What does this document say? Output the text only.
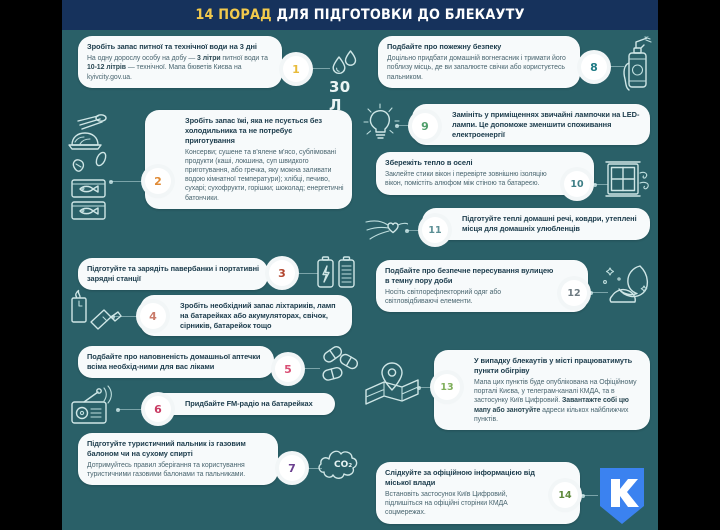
14 ПОРАД ДЛЯ ПІДГОТОВКИ ДО БЛЕКАУТУ
Зробіть запас питної та технічної води на 3 дні
На одну дорослу особу на добу — 3 літри питної води та 10-12 літрів — технічної. Мапа бюветів Києва на kyivcity.gov.ua.
1
30 Л
Зробіть запас їжі, яка не псується без холодильника та не потребує приготування
Консерви; сушене та в'ялене м'ясо, сублімовані продукти (каші, локшина, суп швидкого приготування, або гречка, яку можна заливати водою кімнатної температури); хлібці, печиво, сухарі; сухофрукти, горішки; шоколад; енергетичні батончики.
2
Підготуйте та зарядіть павербанки і портативні зарядні станції	3
Зробіть необхідний запас ліхтариків, ламп на батарейках або акумуляторах, свічок, сірників, батарейок тощо
4
Подбайте про наповненість домашньої аптечки всіма необхід-ними для вас ліками	5
Придбайте FM-радіо на батарейках
6
Підготуйте туристичний пальник із газовим балоном чи на сухому спирті
Дотримуйтесь правил зберігання та користування туристичними газовими балонами та пальниками.
7	CO₂
Подбайте про пожежну безпеку
Доцільно придбати домашній вогнегасник і тримати його поблизу місць, де ви запалюєте свічки або користуєтесь пальником.
8
Замініть у приміщеннях звичайні лампочки на LED-лампи. Це допоможе зменшити споживання електроенергії
9
Збережіть тепло в оселі
Заклейте стики вікон і перевірте зовнішню ізоляцію вікон, помістіть алюфом між стіною та батареєю.	10
Підготуйте теплі домашні речі, ковдри, утеплені місця для домашніх улюбленців
11
Подбайте про безпечне пересування вулицею в темну пору доби
Носіть світлорефлекторний одяг або світловідбиваючі елементи.
12
У випадку блекаутів у місті працюватимуть пункти обігріву
Мапа цих пунктів буде опублікована на Офіційному порталі Києва, у телеграм-каналі КМДА, та в застосунку Київ Цифровий. Завантажте собі цю мапу або занотуйте адреси кількох найближчих пунктів.
13
Слідкуйте за офіційною інформацією від міської влади
Встановіть застосунок Київ Цифровий, підлишіться на офіційні сторінки КМДА соцмережах.
14
